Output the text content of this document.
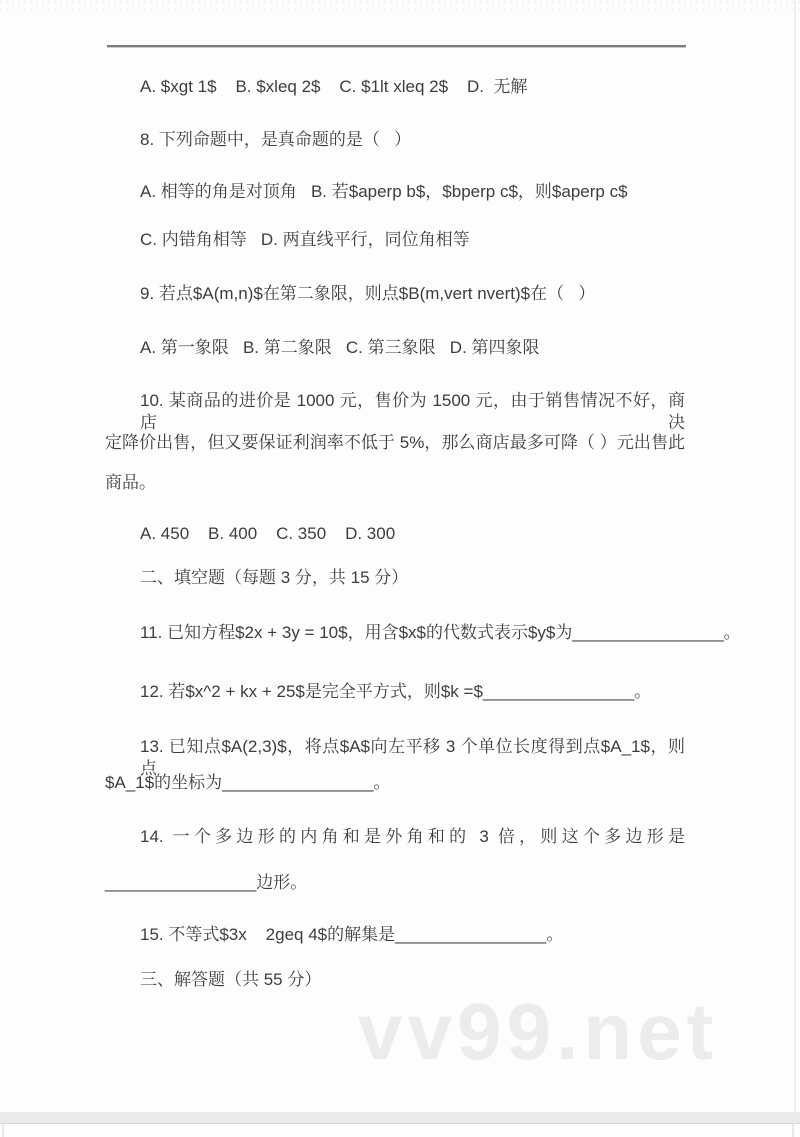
A. $xgt 1$    B. $xleq 2$    C. $1lt xleq 2$    D.  无解
8. 下列命题中，是真命题的是（   ）
A. 相等的角是对顶角   B. 若$aperp b$，$bperp c$，则$aperp c$
C. 内错角相等   D. 两直线平行，同位角相等
9. 若点$A(m,n)$在第二象限，则点$B(m,vert nvert)$在（   ）
A. 第一象限   B. 第二象限   C. 第三象限   D. 第四象限
10. 某商品的进价是 1000 元，售价为 1500 元，由于销售情况不好，商店决
定降价出售，但又要保证利润率不低于 5%，那么商店最多可降（ ）元出售此
商品。
A. 450    B. 400    C. 350    D. 300
二、填空题（每题 3 分，共 15 分）
11. 已知方程$2x + 3y = 10$，用含$x$的代数式表示$y$为________________。
12. 若$x^2 + kx + 25$是完全平方式，则$k =$________________。
13. 已知点$A(2,3)$，将点$A$向左平移 3 个单位长度得到点$A_1$，则点
$A_1$的坐标为________________。
14. 一个多边形的内角和是外角和的 3 倍，则这个多边形是
________________边形。
15. 不等式$3x    2geq 4$的解集是________________。
三、解答题（共 55 分）
vv99.net
